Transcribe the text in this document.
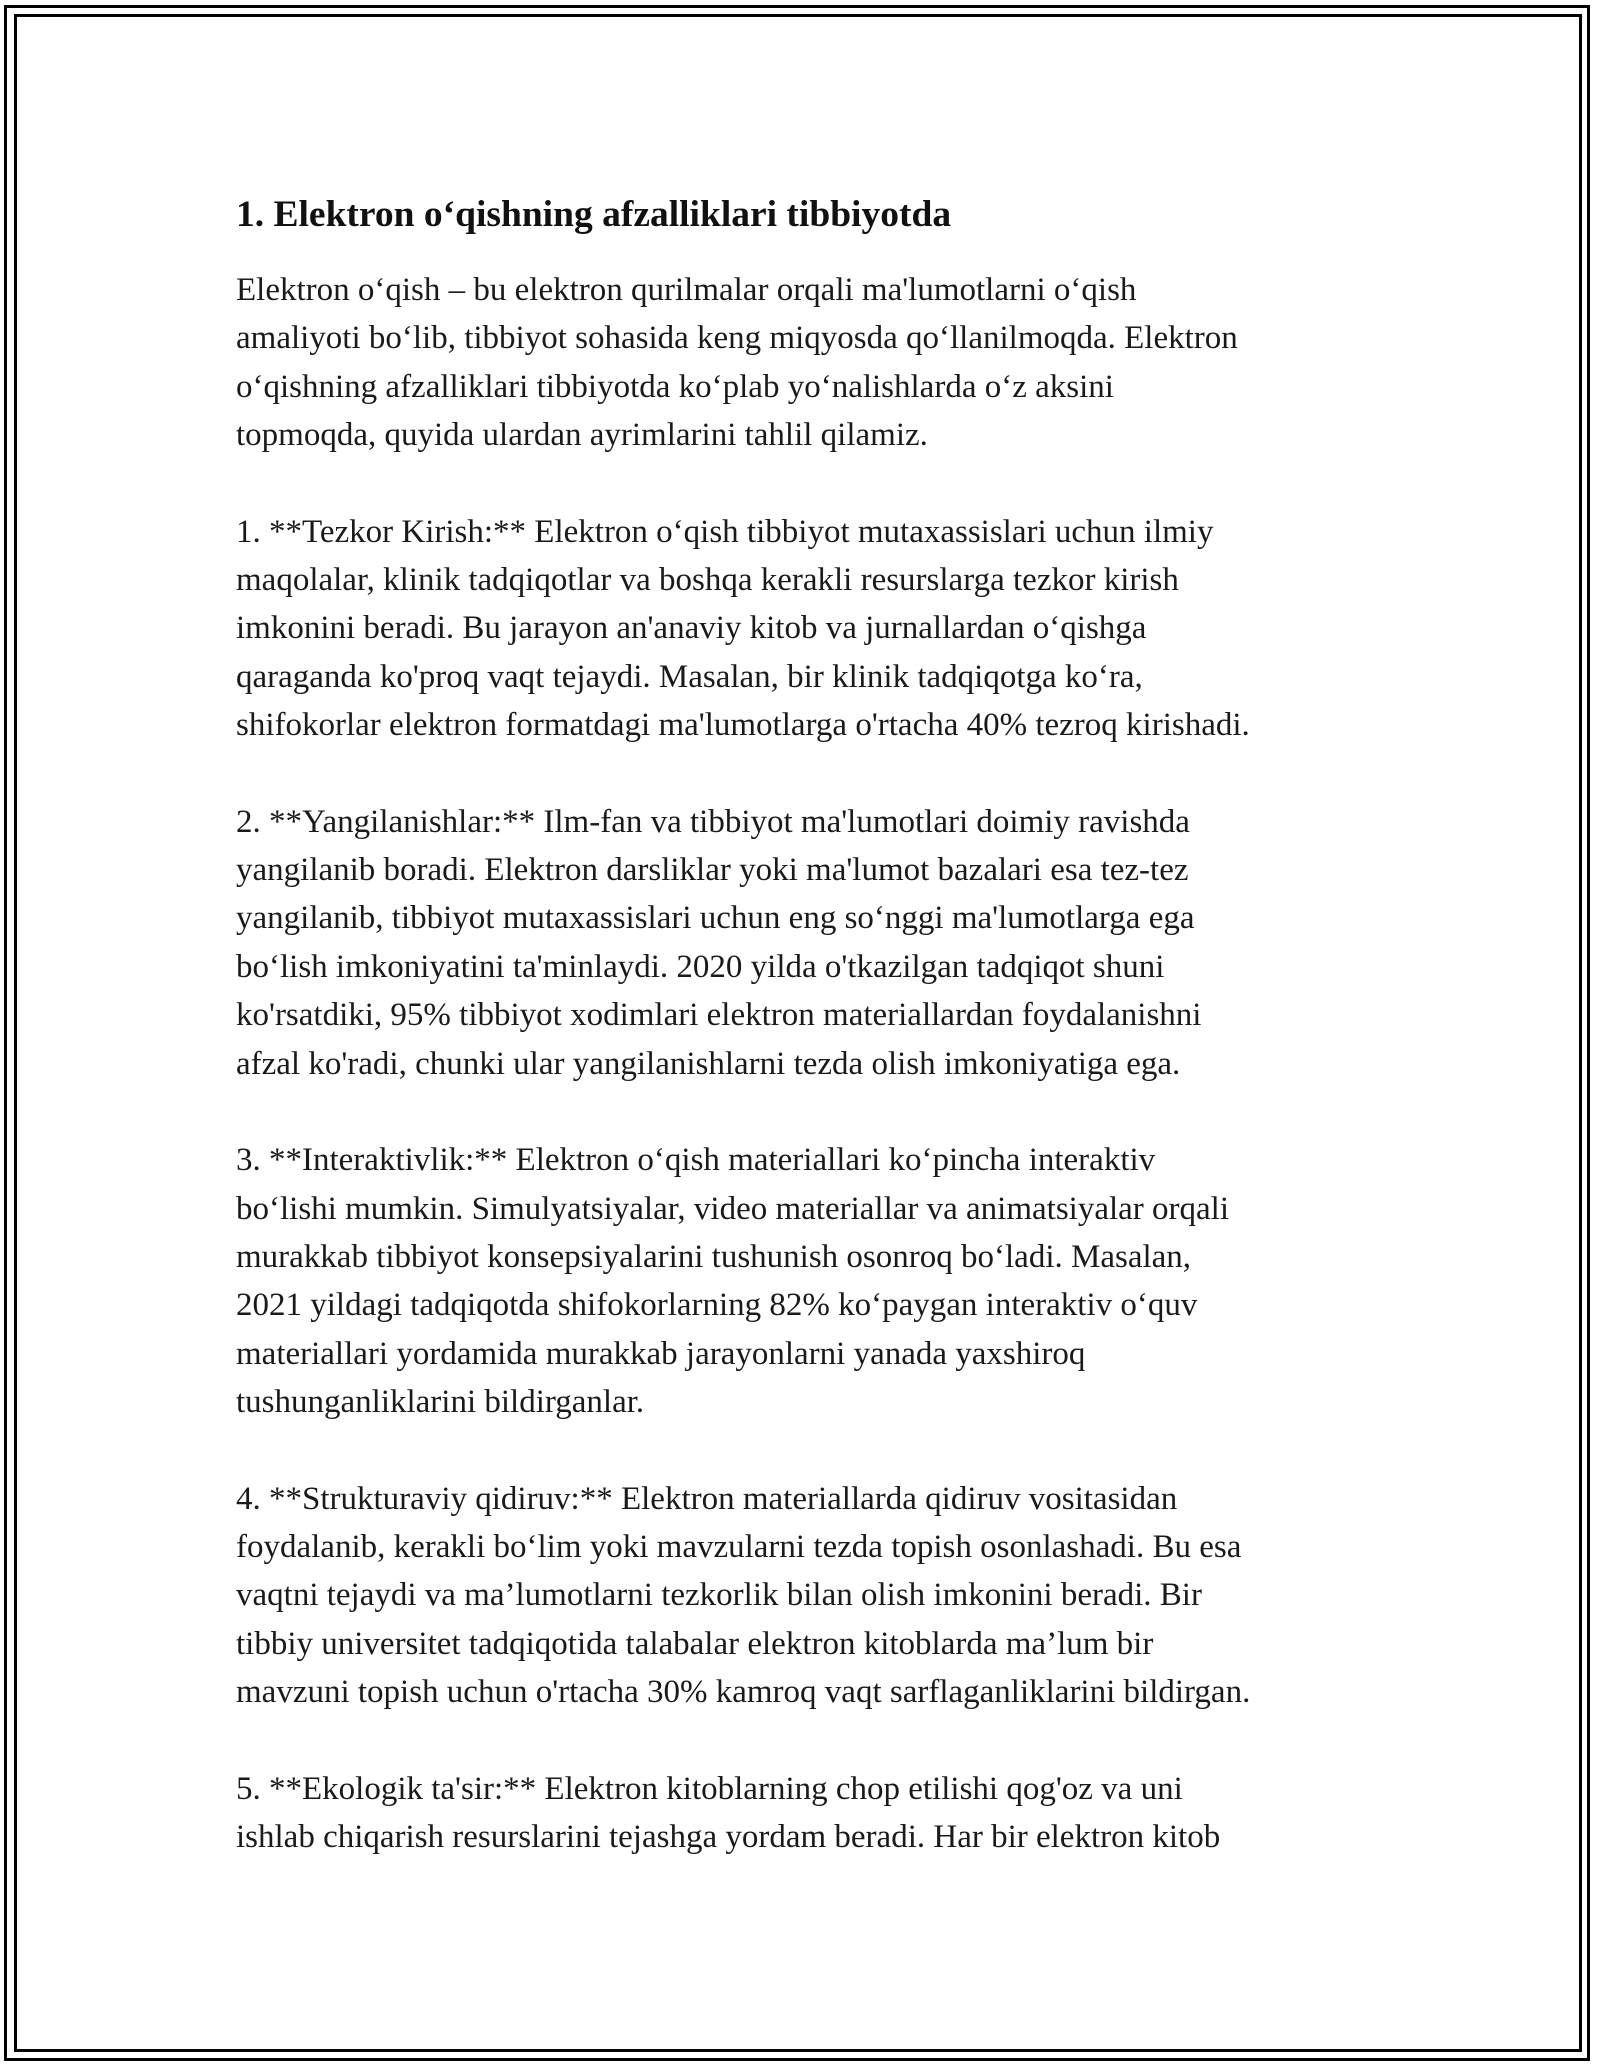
1. Elektron o‘qishning afzalliklari tibbiyotda

Elektron o‘qish – bu elektron qurilmalar orqali ma'lumotlarni o‘qish
amaliyoti bo‘lib, tibbiyot sohasida keng miqyosda qo‘llanilmoqda. Elektron
o‘qishning afzalliklari tibbiyotda ko‘plab yo‘nalishlarda o‘z aksini
topmoqda, quyida ulardan ayrimlarini tahlil qilamiz.

1. **Tezkor Kirish:** Elektron o‘qish tibbiyot mutaxassislari uchun ilmiy
maqolalar, klinik tadqiqotlar va boshqa kerakli resurslarga tezkor kirish
imkonini beradi. Bu jarayon an'anaviy kitob va jurnallardan o‘qishga
qaraganda ko'proq vaqt tejaydi. Masalan, bir klinik tadqiqotga ko‘ra,
shifokorlar elektron formatdagi ma'lumotlarga o'rtacha 40% tezroq kirishadi.

2. **Yangilanishlar:** Ilm-fan va tibbiyot ma'lumotlari doimiy ravishda
yangilanib boradi. Elektron darsliklar yoki ma'lumot bazalari esa tez-tez
yangilanib, tibbiyot mutaxassislari uchun eng so‘nggi ma'lumotlarga ega
bo‘lish imkoniyatini ta'minlaydi. 2020 yilda o'tkazilgan tadqiqot shuni
ko'rsatdiki, 95% tibbiyot xodimlari elektron materiallardan foydalanishni
afzal ko'radi, chunki ular yangilanishlarni tezda olish imkoniyatiga ega.

3. **Interaktivlik:** Elektron o‘qish materiallari ko‘pincha interaktiv
bo‘lishi mumkin. Simulyatsiyalar, video materiallar va animatsiyalar orqali
murakkab tibbiyot konsepsiyalarini tushunish osonroq bo‘ladi. Masalan,
2021 yildagi tadqiqotda shifokorlarning 82% ko‘paygan interaktiv o‘quv
materiallari yordamida murakkab jarayonlarni yanada yaxshiroq
tushunganliklarini bildirganlar.

4. **Strukturaviy qidiruv:** Elektron materiallarda qidiruv vositasidan
foydalanib, kerakli bo‘lim yoki mavzularni tezda topish osonlashadi. Bu esa
vaqtni tejaydi va ma’lumotlarni tezkorlik bilan olish imkonini beradi. Bir
tibbiy universitet tadqiqotida talabalar elektron kitoblarda ma’lum bir
mavzuni topish uchun o'rtacha 30% kamroq vaqt sarflaganliklarini bildirgan.

5. **Ekologik ta'sir:** Elektron kitoblarning chop etilishi qog'oz va uni
ishlab chiqarish resurslarini tejashga yordam beradi. Har bir elektron kitob
